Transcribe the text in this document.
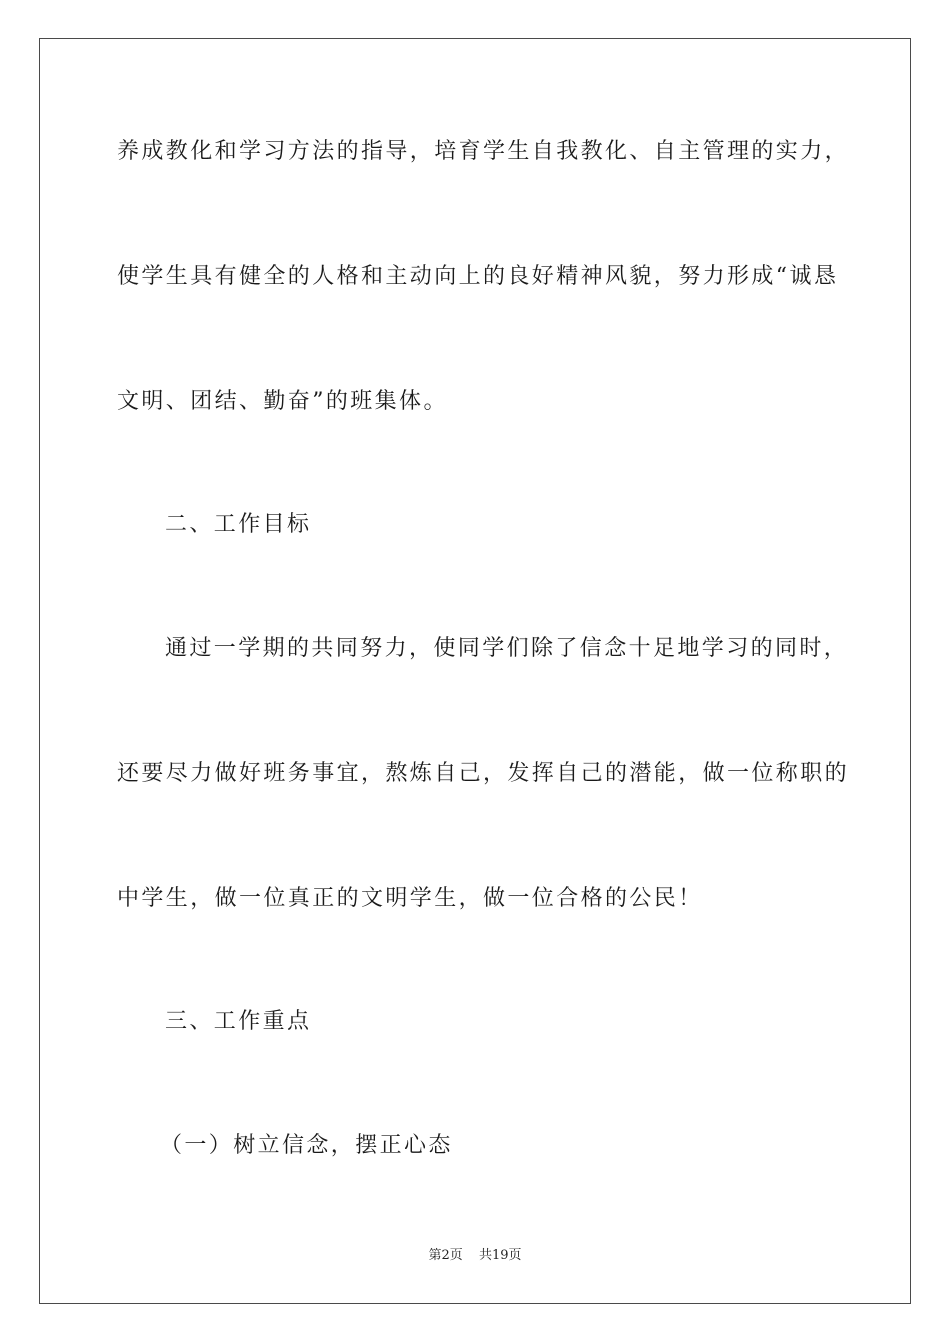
养成教化和学习方法的指导，培育学生自我教化、自主管理的实力，
使学生具有健全的人格和主动向上的良好精神风貌，努力形成“诚恳
文明、团结、勤奋”的班集体。
二、工作目标
通过一学期的共同努力，使同学们除了信念十足地学习的同时，
还要尽力做好班务事宜，熬炼自己，发挥自己的潜能，做一位称职的
中学生，做一位真正的文明学生，做一位合格的公民！
三、工作重点
（一）树立信念，摆正心态
第2页 共19页
